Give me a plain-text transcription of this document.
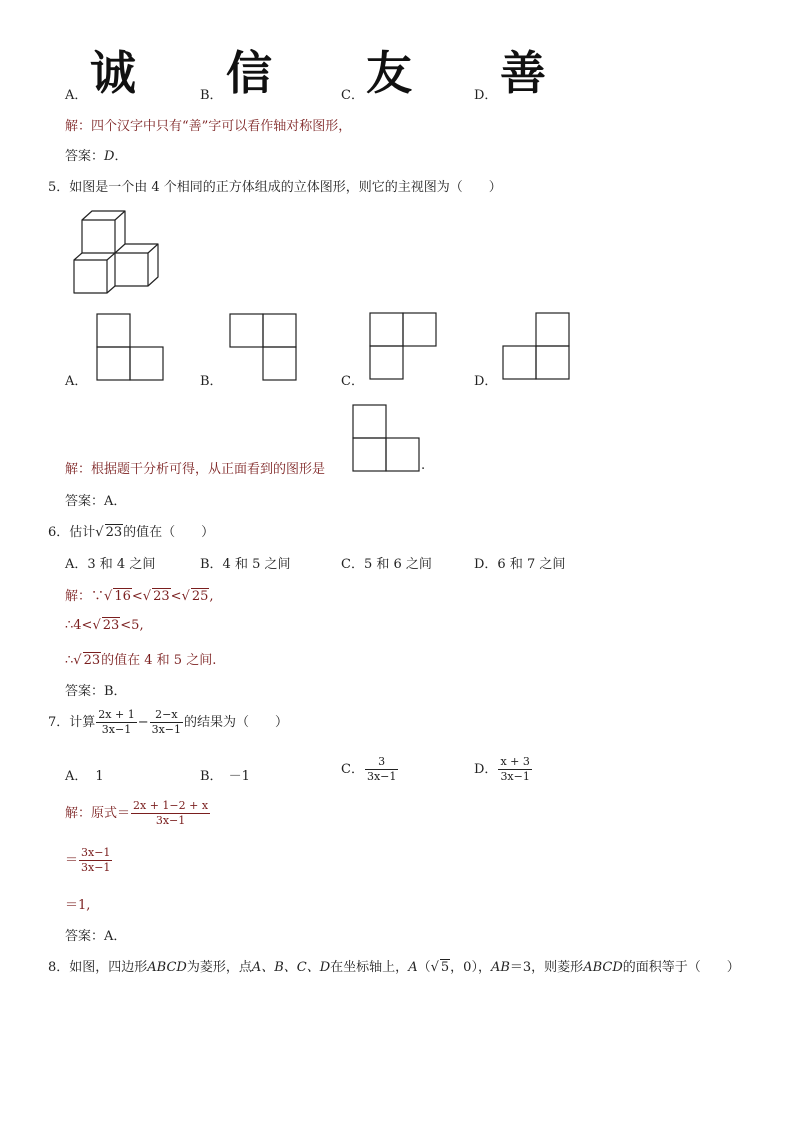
A． 诚	B． 信	C． 友	D． 善
解：四个汉字中只有“善”字可以看作轴对称图形，
答案：D．
5．如图是一个由 4 个相同的正方体组成的立体图形，则它的主视图为（　　）
A．	B．	C．	D．
解：根据题干分析可得，从正面看到的图形是	.
答案：A．
6．估计√ 23的值在（　　）
A．3 和 4 之间	B．4 和 5 之间	C．5 和 6 之间	D．6 和 7 之间
解：∵√ 16<√ 23<√ 25,
∴4<√ 23<5,
∴√ 23的值在 4 和 5 之间.
答案：B．
7．计算 $\frac{2x + 1}{3x-1} - \frac{2-x}{3x-1}$ 的结果为（　　）
A． 1	B． －1	C． $\frac{3}{3x-1}$	D． $\frac{x + 3}{3x-1}$
解：原式＝ $\frac{2x + 1-2 + x}{3x-1}$
＝ $\frac{3x-1}{3x-1}$
＝1,
答案：A．
8．如图，四边形ABCD为菱形，点A、B、C、D在坐标轴上，A（√ 5，0），AB＝3，则菱形ABCD的面积等于（　　）
